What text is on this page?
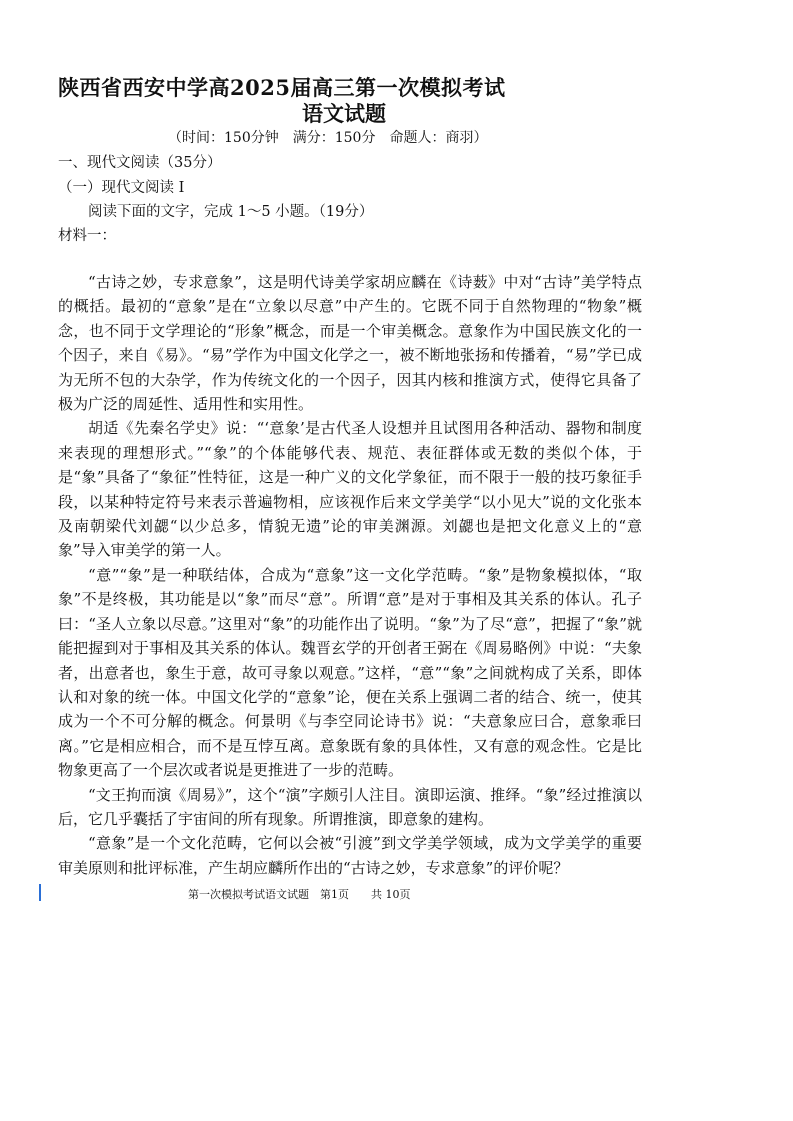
陕西省西安中学高2025届高三第一次模拟考试
语文试题
（时间：150分钟　满分：150分　命题人：商羽）
一、现代文阅读（35分）
（一）现代文阅读 I
阅读下面的文字，完成 1～5 小题。（19分）
材料一：

“古诗之妙，专求意象”，这是明代诗美学家胡应麟在《诗薮》中对“古诗”美学特点的概括。最初的“意象”是在“立象以尽意”中产生的。它既不同于自然物理的“物象”概念，也不同于文学理论的“形象”概念，而是一个审美概念。意象作为中国民族文化的一个因子，来自《易》。“易”学作为中国文化学之一，被不断地张扬和传播着，“易”学已成为无所不包的大杂学，作为传统文化的一个因子，因其内核和推演方式，使得它具备了极为广泛的周延性、适用性和实用性。

胡适《先秦名学史》说：“‘意象’是古代圣人设想并且试图用各种活动、器物和制度来表现的理想形式。”“象”的个体能够代表、规范、表征群体或无数的类似个体，于是“象”具备了“象征”性特征，这是一种广义的文化学象征，而不限于一般的技巧象征手段，以某种特定符号来表示普遍物相，应该视作后来文学美学“以小见大”说的文化张本及南朝梁代刘勰“以少总多，情貌无遗”论的审美渊源。刘勰也是把文化意义上的“意象”导入审美学的第一人。

“意”“象”是一种联结体，合成为“意象”这一文化学范畴。“象”是物象模拟体，“取象”不是终极，其功能是以“象”而尽“意”。所谓“意”是对于事相及其关系的体认。孔子曰：“圣人立象以尽意。”这里对“象”的功能作出了说明。“象”为了尽“意”，把握了“象”就能把握到对于事相及其关系的体认。魏晋玄学的开创者王弼在《周易略例》中说：“夫象者，出意者也，象生于意，故可寻象以观意。”这样，“意”“象”之间就构成了关系，即体认和对象的统一体。中国文化学的“意象”论，便在关系上强调二者的结合、统一，使其成为一个不可分解的概念。何景明《与李空同论诗书》说：“夫意象应曰合，意象乖曰离。”它是相应相合，而不是互悖互离。意象既有象的具体性，又有意的观念性。它是比物象更高了一个层次或者说是更推进了一步的范畴。

“文王拘而演《周易》”，这个“演”字颇引人注目。演即运演、推绎。“象”经过推演以后，它几乎囊括了宇宙间的所有现象。所谓推演，即意象的建构。

“意象”是一个文化范畴，它何以会被“引渡”到文学美学领域，成为文学美学的重要审美原则和批评标准，产生胡应麟所作出的“古诗之妙，专求意象”的评价呢？

第一次模拟考试语文试题　第1页　　共 10页
